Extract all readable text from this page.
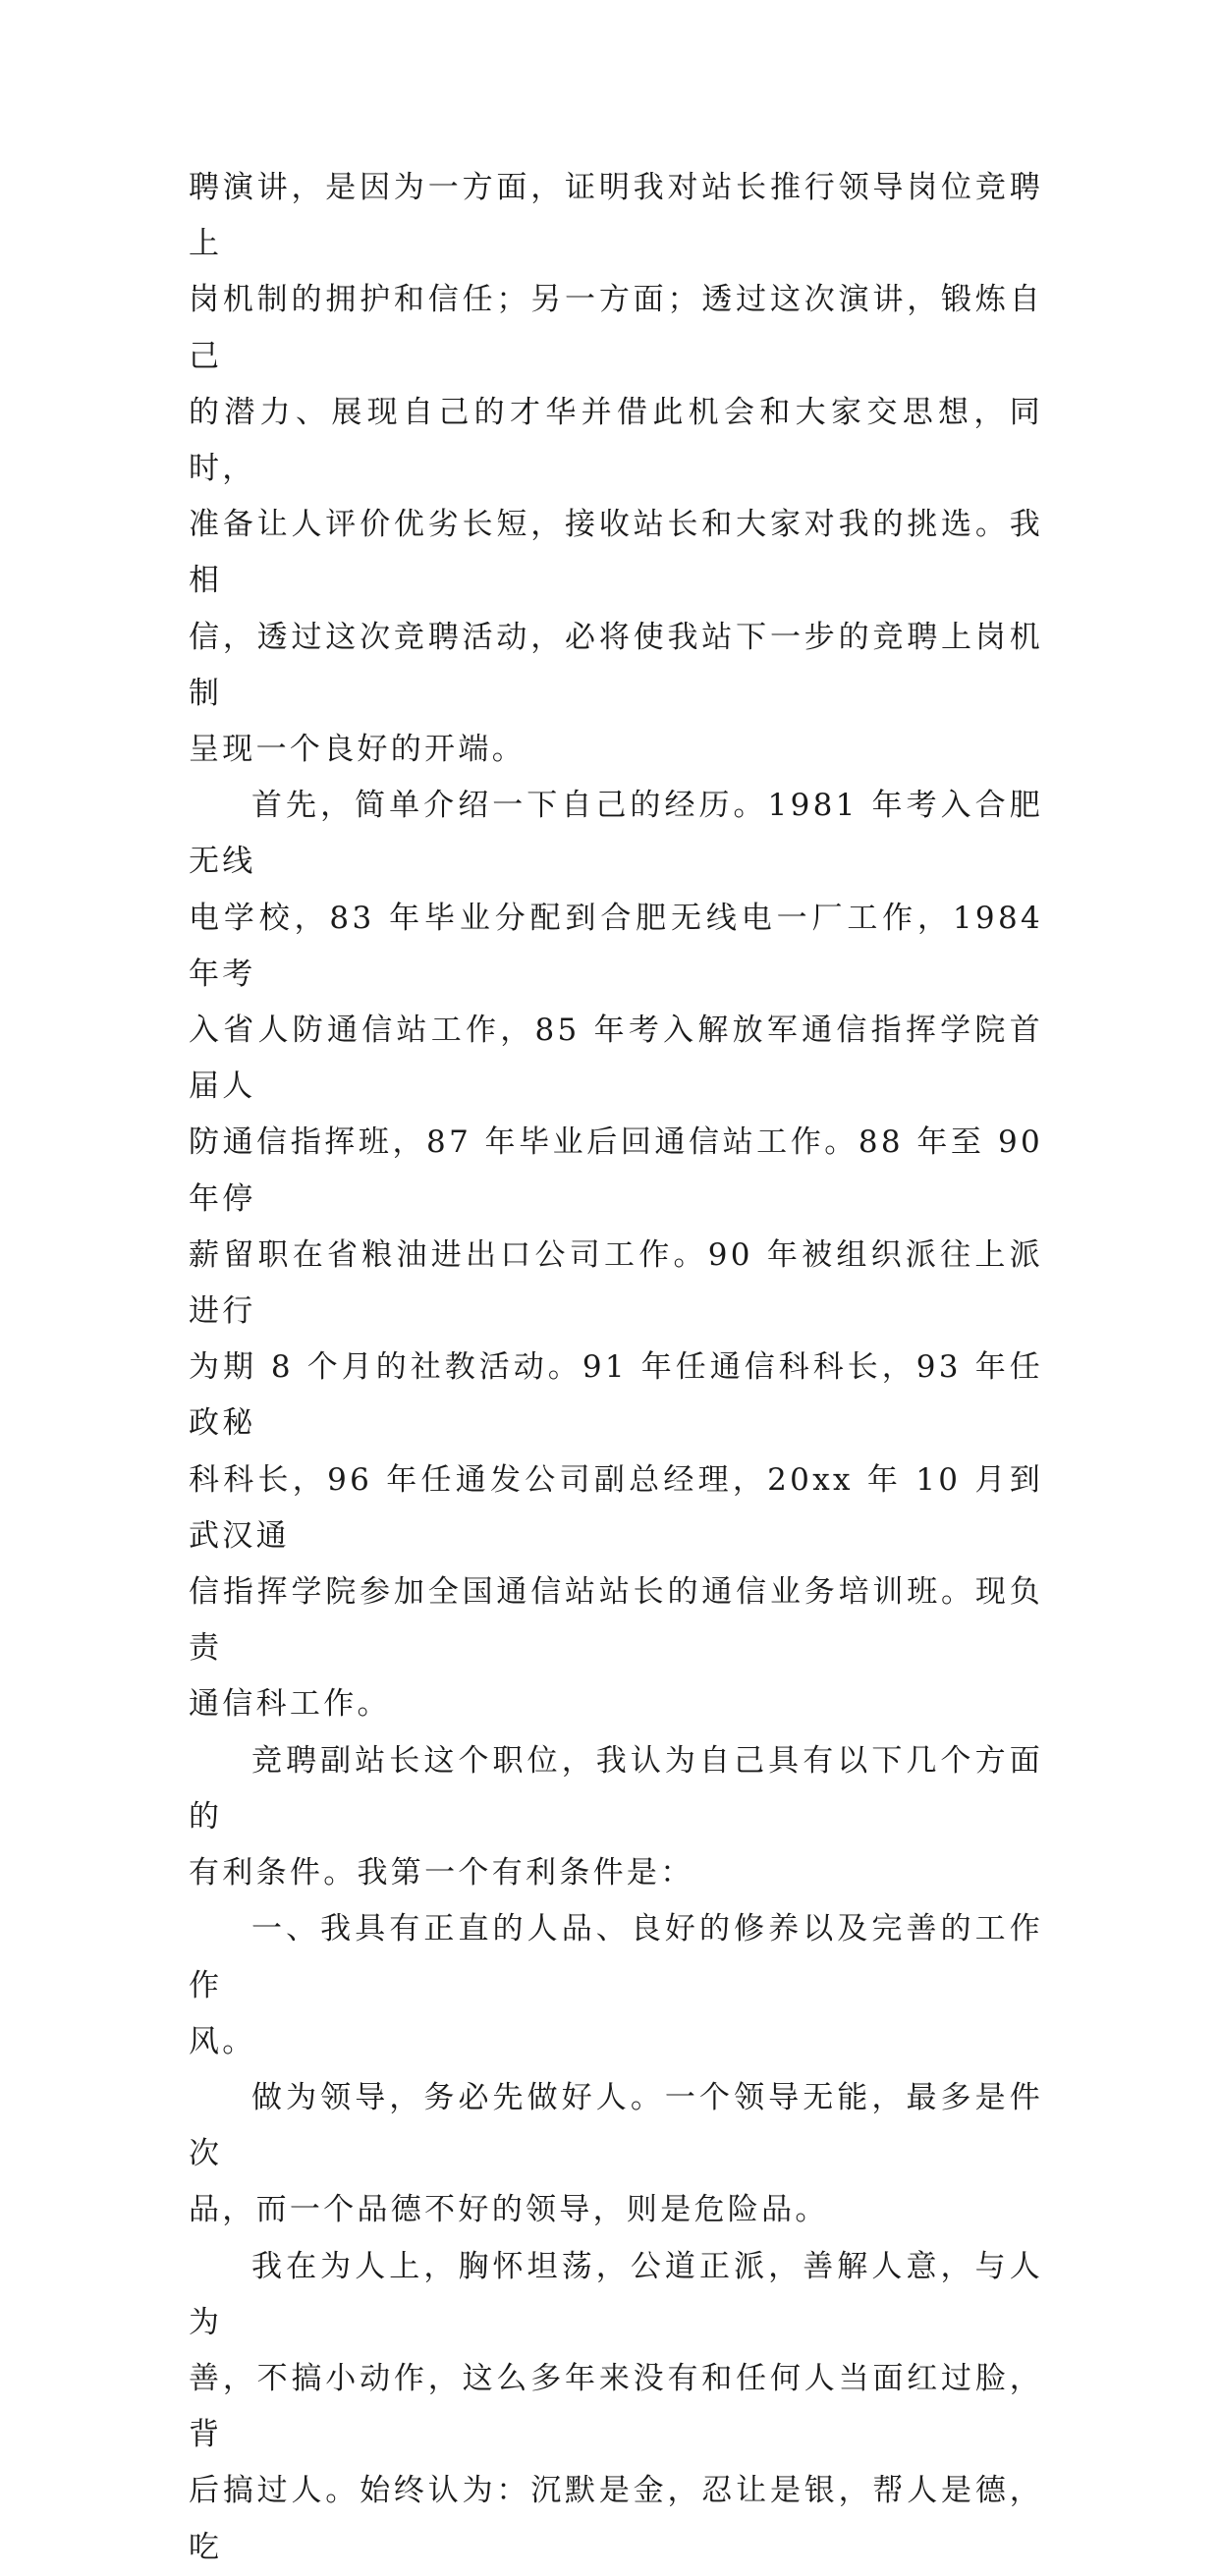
聘演讲，是因为一方面，证明我对站长推行领导岗位竞聘上
岗机制的拥护和信任；另一方面；透过这次演讲，锻炼自己
的潜力、展现自己的才华并借此机会和大家交思想，同时，
准备让人评价优劣长短，接收站长和大家对我的挑选。我相
信，透过这次竞聘活动，必将使我站下一步的竞聘上岗机制
呈现一个良好的开端。
首先，简单介绍一下自己的经历。1981 年考入合肥无线
电学校，83 年毕业分配到合肥无线电一厂工作，1984 年考
入省人防通信站工作，85 年考入解放军通信指挥学院首届人
防通信指挥班，87 年毕业后回通信站工作。88 年至 90 年停
薪留职在省粮油进出口公司工作。90 年被组织派往上派进行
为期 8 个月的社教活动。91 年任通信科科长，93 年任政秘
科科长，96 年任通发公司副总经理，20xx 年 10 月到武汉通
信指挥学院参加全国通信站站长的通信业务培训班。现负责
通信科工作。
竞聘副站长这个职位，我认为自己具有以下几个方面的
有利条件。我第一个有利条件是：
一、我具有正直的人品、良好的修养以及完善的工作作
风。
做为领导，务必先做好人。一个领导无能，最多是件次
品，而一个品德不好的领导，则是危险品。
我在为人上，胸怀坦荡，公道正派，善解人意，与人为
善，不搞小动作，这么多年来没有和任何人当面红过脸，背
后搞过人。始终认为：沉默是金，忍让是银，帮人是德，吃
